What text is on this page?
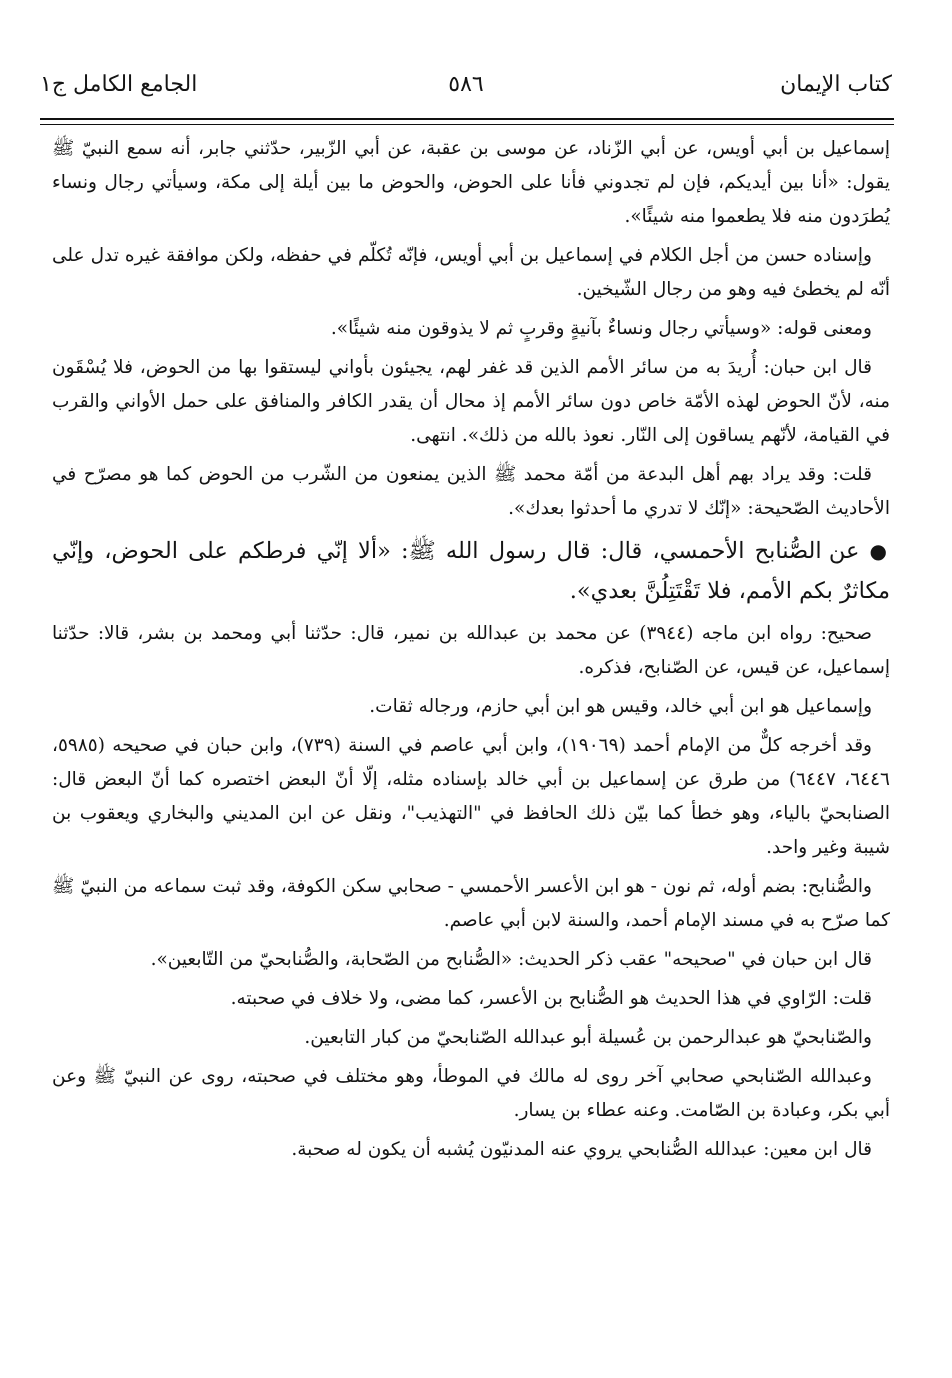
كتاب الإيمان
٥٨٦
الجامع الكامل ج١

إسماعيل بن أبي أويس، عن أبي الزّناد، عن موسى بن عقبة، عن أبي الزّبير، حدّثني جابر، أنه سمع النبيّ ﷺ يقول: «أنا بين أيديكم، فإن لم تجدوني فأنا على الحوض، والحوض ما بين أيلة إلى مكة، وسيأتي رجال ونساء يُطرَدون منه فلا يطعموا منه شيئًا».

وإسناده حسن من أجل الكلام في إسماعيل بن أبي أويس، فإنّه تُكلّم في حفظه، ولكن موافقة غيره تدل على أنّه لم يخطئ فيه وهو من رجال الشّيخين.

ومعنى قوله: «وسيأتي رجال ونساءٌ بآنيةٍ وقربٍ ثم لا يذوقون منه شيئًا».

قال ابن حبان: أُريدَ به من سائر الأمم الذين قد غفر لهم، يجيئون بأواني ليستقوا بها من الحوض، فلا يُسْقَون منه، لأنّ الحوض لهذه الأمّة خاص دون سائر الأمم إذ محال أن يقدر الكافر والمنافق على حمل الأواني والقرب في القيامة، لأنّهم يساقون إلى النّار. نعوذ بالله من ذلك». انتهى.

قلت: وقد يراد بهم أهل البدعة من أمّة محمد ﷺ الذين يمنعون من الشّرب من الحوض كما هو مصرّح في الأحاديث الصّحيحة: «إنّك لا تدري ما أحدثوا بعدك».

● عن الصُّنابح الأحمسي، قال: قال رسول الله ﷺ: «ألا إنّي فرطكم على الحوض، وإنّي مكاثرٌ بكم الأمم، فلا تَقْتَتِلُنَّ بعدي».

صحيح: رواه ابن ماجه (٣٩٤٤) عن محمد بن عبدالله بن نمير، قال: حدّثنا أبي ومحمد بن بشر، قالا: حدّثنا إسماعيل، عن قيس، عن الصّنابح، فذكره.

وإسماعيل هو ابن أبي خالد، وقيس هو ابن أبي حازم، ورجاله ثقات.

وقد أخرجه كلٌّ من الإمام أحمد (١٩٠٦٩)، وابن أبي عاصم في السنة (٧٣٩)، وابن حبان في صحيحه (٥٩٨٥، ٦٤٤٦، ٦٤٤٧) من طرق عن إسماعيل بن أبي خالد بإسناده مثله، إلّا أنّ البعض اختصره كما أنّ البعض قال: الصنابحيّ بالياء، وهو خطأ كما بيّن ذلك الحافظ في "التهذيب"، ونقل عن ابن المديني والبخاري ويعقوب بن شيبة وغير واحد.

والصُّنابح: بضم أوله، ثم نون - هو ابن الأعسر الأحمسي - صحابي سكن الكوفة، وقد ثبت سماعه من النبيّ ﷺ كما صرّح به في مسند الإمام أحمد، والسنة لابن أبي عاصم.

قال ابن حبان في "صحيحه" عقب ذكر الحديث: «الصُّنابح من الصّحابة، والصُّنابحيّ من التّابعين».

قلت: الرّاوي في هذا الحديث هو الصُّنابح بن الأعسر، كما مضى، ولا خلاف في صحبته.

والصّنابحيّ هو عبدالرحمن بن عُسيلة أبو عبدالله الصّنابحيّ من كبار التابعين.

وعبدالله الصّنابحي صحابي آخر روى له مالك في الموطأ، وهو مختلف في صحبته، روى عن النبيّ ﷺ وعن أبي بكر، وعبادة بن الصّامت. وعنه عطاء بن يسار.

قال ابن معين: عبدالله الصُّنابحي يروي عنه المدنيّون يُشبه أن يكون له صحبة.
